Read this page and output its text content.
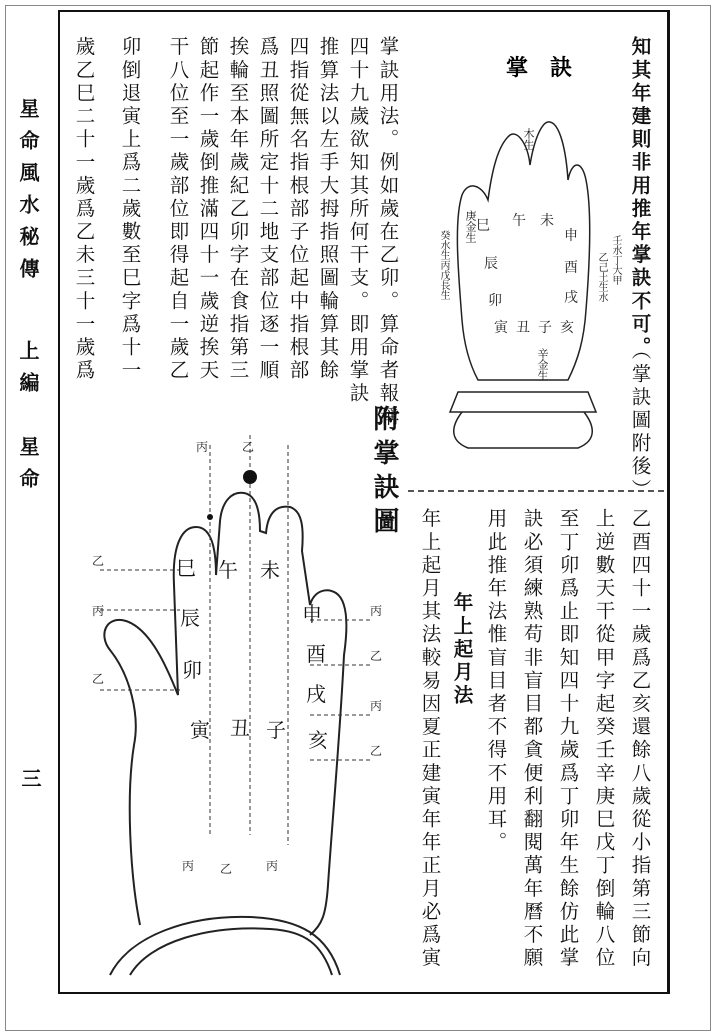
星命風水秘傳
上編　星命
三
知其年建則非用推年掌訣不可。
（掌訣圖附後）
掌　訣
巳 午 未
申
辰	酉
卯	戌
寅 丑 子 亥
木生
庚金生
癸水生丙戊長生	壬水丁大甲
乙己土生水
辛金生
掌訣用法。例如歲在乙卯。算命者報稱
四十九歲欲知其所何干支。即用掌訣
推算法以左手大拇指照圖輪算其餘
四指從無名指根部子位起中指根部
爲丑照圖所定十二地支部位逐一順
挨輪至本年歲紀乙卯字在食指第三
節起作一歲倒推滿四十一歲逆挨天
干八位至一歲部位即得起自一歲乙
卯倒退寅上爲二歲數至巳字爲十一
歲乙巳二十一歲爲乙未三十一歲爲
附掌訣圖
乙酉四十一歲爲乙亥還餘八歲從小指第三節向
上逆數天干從甲字起癸壬辛庚巳戊丁倒輪八位
至丁卯爲止即知四十九歲爲丁卯年生餘仿此掌
訣必須練熟苟非盲目都貪便利翻閱萬年曆不願
用此推年法惟盲目者不得不用耳。
年上起月法
年上起月其法較易因夏正建寅年年正月必爲寅
巳 午 未
申
辰
酉
卯
戌
寅 丑 子 亥
丙	乙
乙
丙
乙
丙
乙
丙
乙
丙 乙	丙
